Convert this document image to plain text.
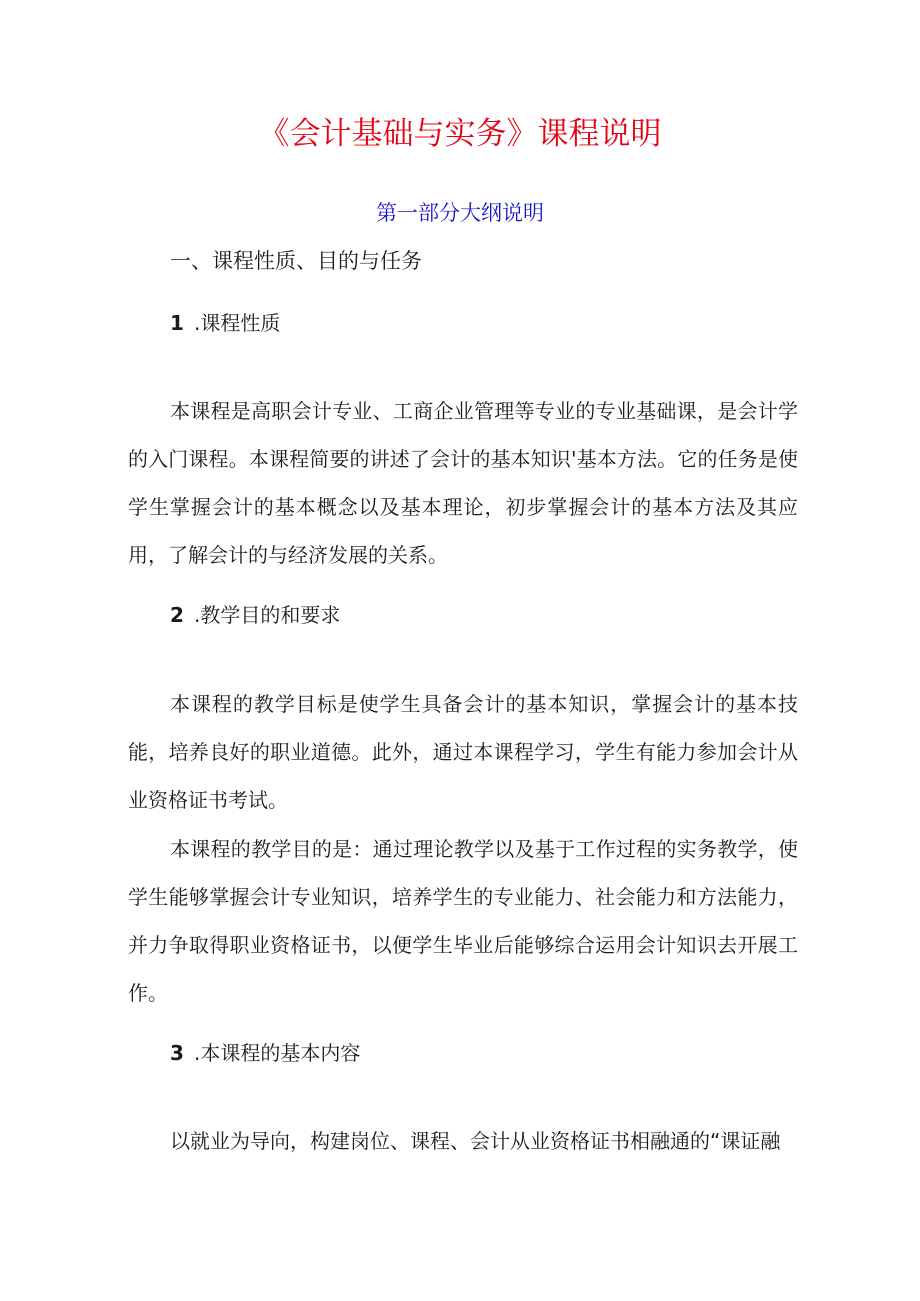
《会计基础与实务》课程说明
第一部分大纲说明
一、课程性质、目的与任务
1 .课程性质

本课程是高职会计专业、工商企业管理等专业的专业基础课，是会计学的入门课程。本课程简要的讲述了会计的基本知识'基本方法。它的任务是使学生掌握会计的基本概念以及基本理论，初步掌握会计的基本方法及其应用，了解会计的与经济发展的关系。

2 .教学目的和要求

本课程的教学目标是使学生具备会计的基本知识，掌握会计的基本技能，培养良好的职业道德。此外，通过本课程学习，学生有能力参加会计从业资格证书考试。

本课程的教学目的是：通过理论教学以及基于工作过程的实务教学，使学生能够掌握会计专业知识，培养学生的专业能力、社会能力和方法能力，并力争取得职业资格证书，以便学生毕业后能够综合运用会计知识去开展工作。

3 .本课程的基本内容

以就业为导向，构建岗位、课程、会计从业资格证书相融通的“课证融
